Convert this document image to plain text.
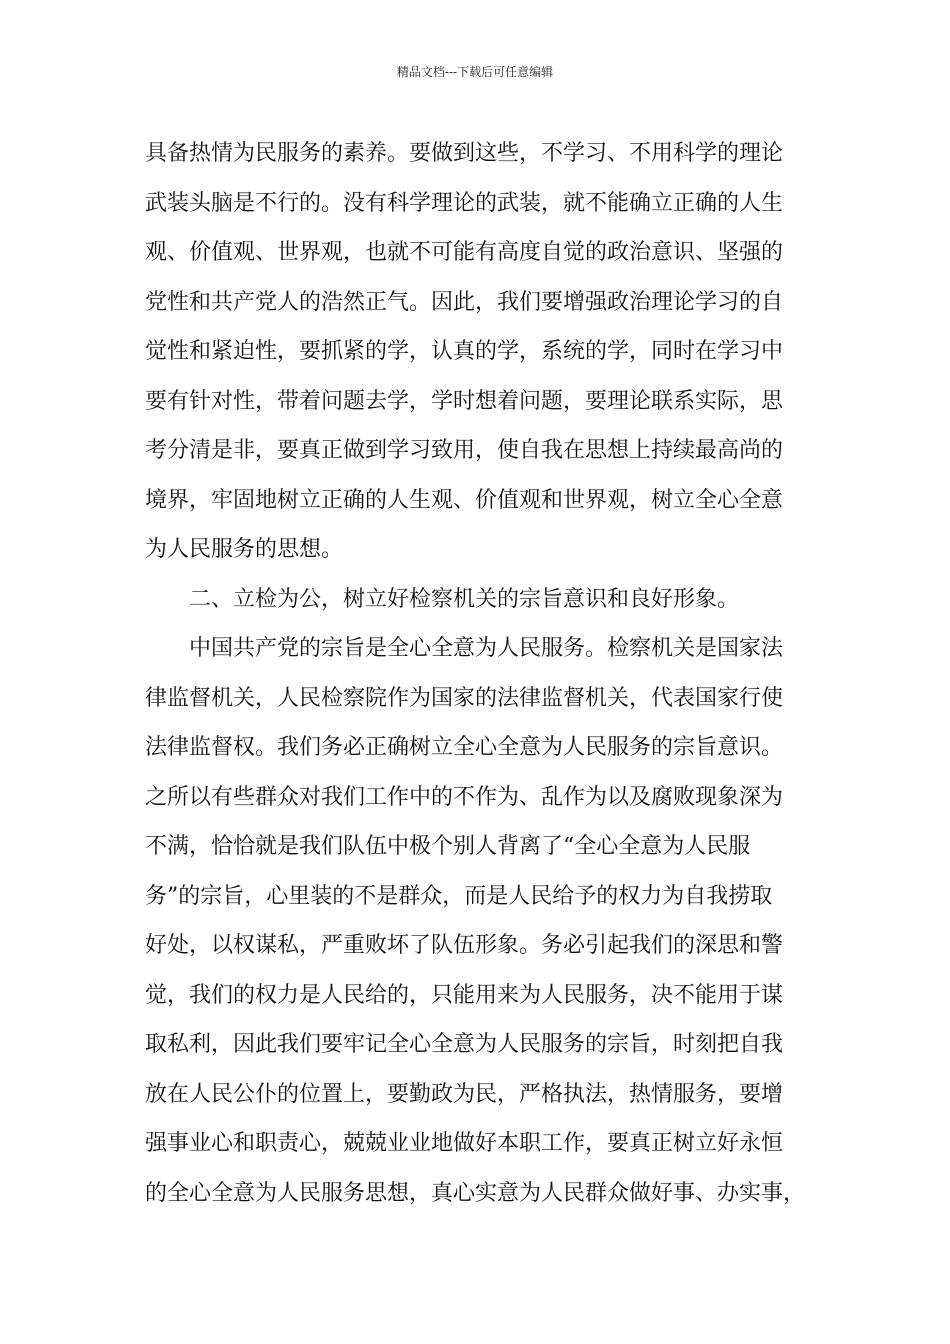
精品文档---下载后可任意编辑
具备热情为民服务的素养。要做到这些，不学习、不用科学的理论
武装头脑是不行的。没有科学理论的武装，就不能确立正确的人生
观、价值观、世界观，也就不可能有高度自觉的政治意识、坚强的
党性和共产党人的浩然正气。因此，我们要增强政治理论学习的自
觉性和紧迫性，要抓紧的学，认真的学，系统的学，同时在学习中
要有针对性，带着问题去学，学时想着问题，要理论联系实际，思
考分清是非，要真正做到学习致用，使自我在思想上持续最高尚的
境界，牢固地树立正确的人生观、价值观和世界观，树立全心全意
为人民服务的思想。
二、立检为公，树立好检察机关的宗旨意识和良好形象。
中国共产党的宗旨是全心全意为人民服务。检察机关是国家法
律监督机关，人民检察院作为国家的法律监督机关，代表国家行使
法律监督权。我们务必正确树立全心全意为人民服务的宗旨意识。
之所以有些群众对我们工作中的不作为、乱作为以及腐败现象深为
不满，恰恰就是我们队伍中极个别人背离了“全心全意为人民服
务”的宗旨，心里装的不是群众，而是人民给予的权力为自我捞取
好处，以权谋私，严重败坏了队伍形象。务必引起我们的深思和警
觉，我们的权力是人民给的，只能用来为人民服务，决不能用于谋
取私利，因此我们要牢记全心全意为人民服务的宗旨，时刻把自我
放在人民公仆的位置上，要勤政为民，严格执法，热情服务，要增
强事业心和职责心，兢兢业业地做好本职工作，要真正树立好永恒
的全心全意为人民服务思想，真心实意为人民群众做好事、办实事，
